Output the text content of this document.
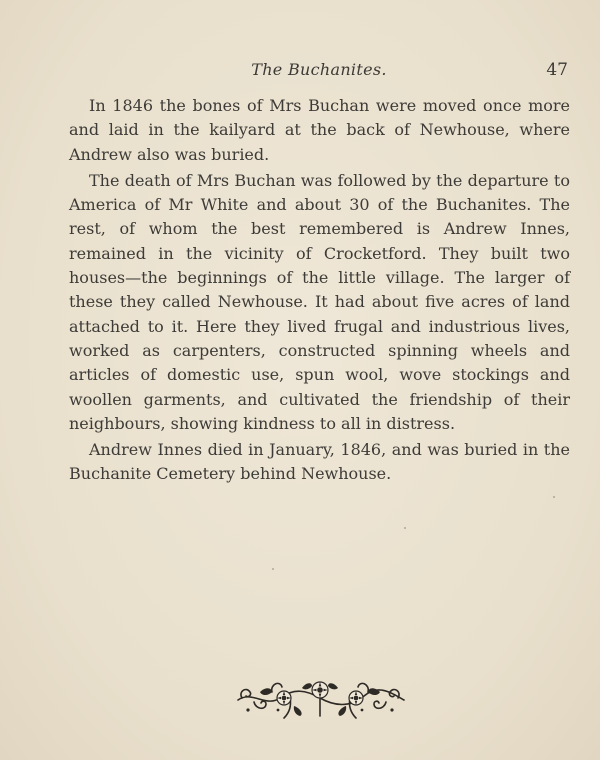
The Buchanites.	47

In 1846 the bones of Mrs Buchan were moved once more and laid in the kailyard at the back of Newhouse, where Andrew also was buried.

The death of Mrs Buchan was followed by the departure to America of Mr White and about 30 of the Buchanites. The rest, of whom the best remembered is Andrew Innes, remained in the vicinity of Crocketford. They built two houses—the beginnings of the little village. The larger of these they called Newhouse. It had about five acres of land attached to it. Here they lived frugal and industrious lives, worked as carpenters, constructed spinning wheels and articles of domestic use, spun wool, wove stockings and woollen garments, and cultivated the friendship of their neighbours, showing kindness to all in distress.

Andrew Innes died in January, 1846, and was buried in the Buchanite Cemetery behind Newhouse.
